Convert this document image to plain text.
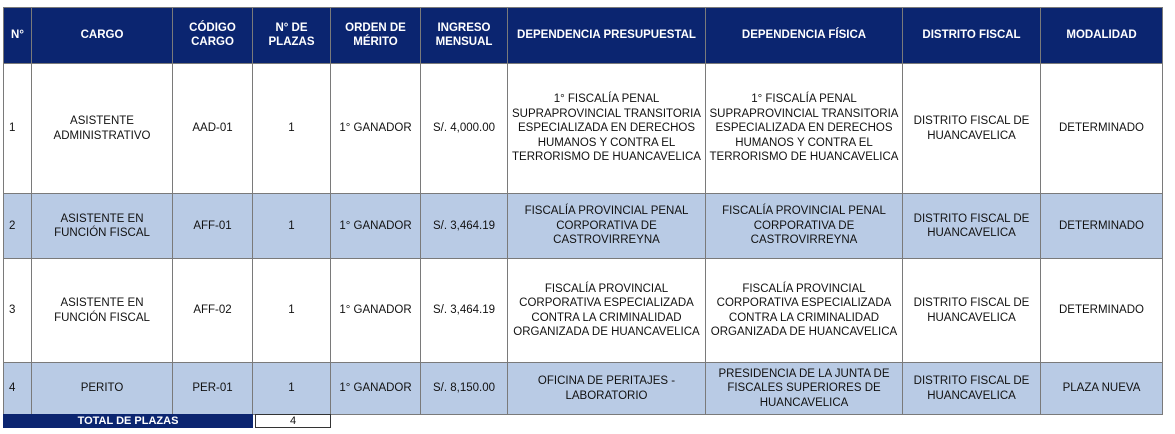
N°	CARGO	CÓDIGO CARGO	N° DE PLAZAS	ORDEN DE MÉRITO	INGRESO MENSUAL	DEPENDENCIA PRESUPUESTAL	DEPENDENCIA FÍSICA	DISTRITO FISCAL	MODALIDAD
1	ASISTENTE ADMINISTRATIVO	AAD-01	1	1° GANADOR	S/. 4,000.00	1° FISCALÍA PENAL SUPRAPROVINCIAL TRANSITORIA ESPECIALIZADA EN DERECHOS HUMANOS Y CONTRA EL TERRORISMO DE HUANCAVELICA	1° FISCALÍA PENAL SUPRAPROVINCIAL TRANSITORIA ESPECIALIZADA EN DERECHOS HUMANOS Y CONTRA EL TERRORISMO DE HUANCAVELICA	DISTRITO FISCAL DE HUANCAVELICA	DETERMINADO
2	ASISTENTE EN FUNCIÓN FISCAL	AFF-01	1	1° GANADOR	S/. 3,464.19	FISCALÍA PROVINCIAL PENAL CORPORATIVA DE CASTROVIRREYNA	FISCALÍA PROVINCIAL PENAL CORPORATIVA DE CASTROVIRREYNA	DISTRITO FISCAL DE HUANCAVELICA	DETERMINADO
3	ASISTENTE EN FUNCIÓN FISCAL	AFF-02	1	1° GANADOR	S/. 3,464.19	FISCALÍA PROVINCIAL CORPORATIVA ESPECIALIZADA CONTRA LA CRIMINALIDAD ORGANIZADA DE HUANCAVELICA	FISCALÍA PROVINCIAL CORPORATIVA ESPECIALIZADA CONTRA LA CRIMINALIDAD ORGANIZADA DE HUANCAVELICA	DISTRITO FISCAL DE HUANCAVELICA	DETERMINADO
4	PERITO	PER-01	1	1° GANADOR	S/. 8,150.00	OFICINA DE PERITAJES - LABORATORIO	PRESIDENCIA DE LA JUNTA DE FISCALES SUPERIORES DE HUANCAVELICA	DISTRITO FISCAL DE HUANCAVELICA	PLAZA NUEVA
TOTAL DE PLAZAS	4
